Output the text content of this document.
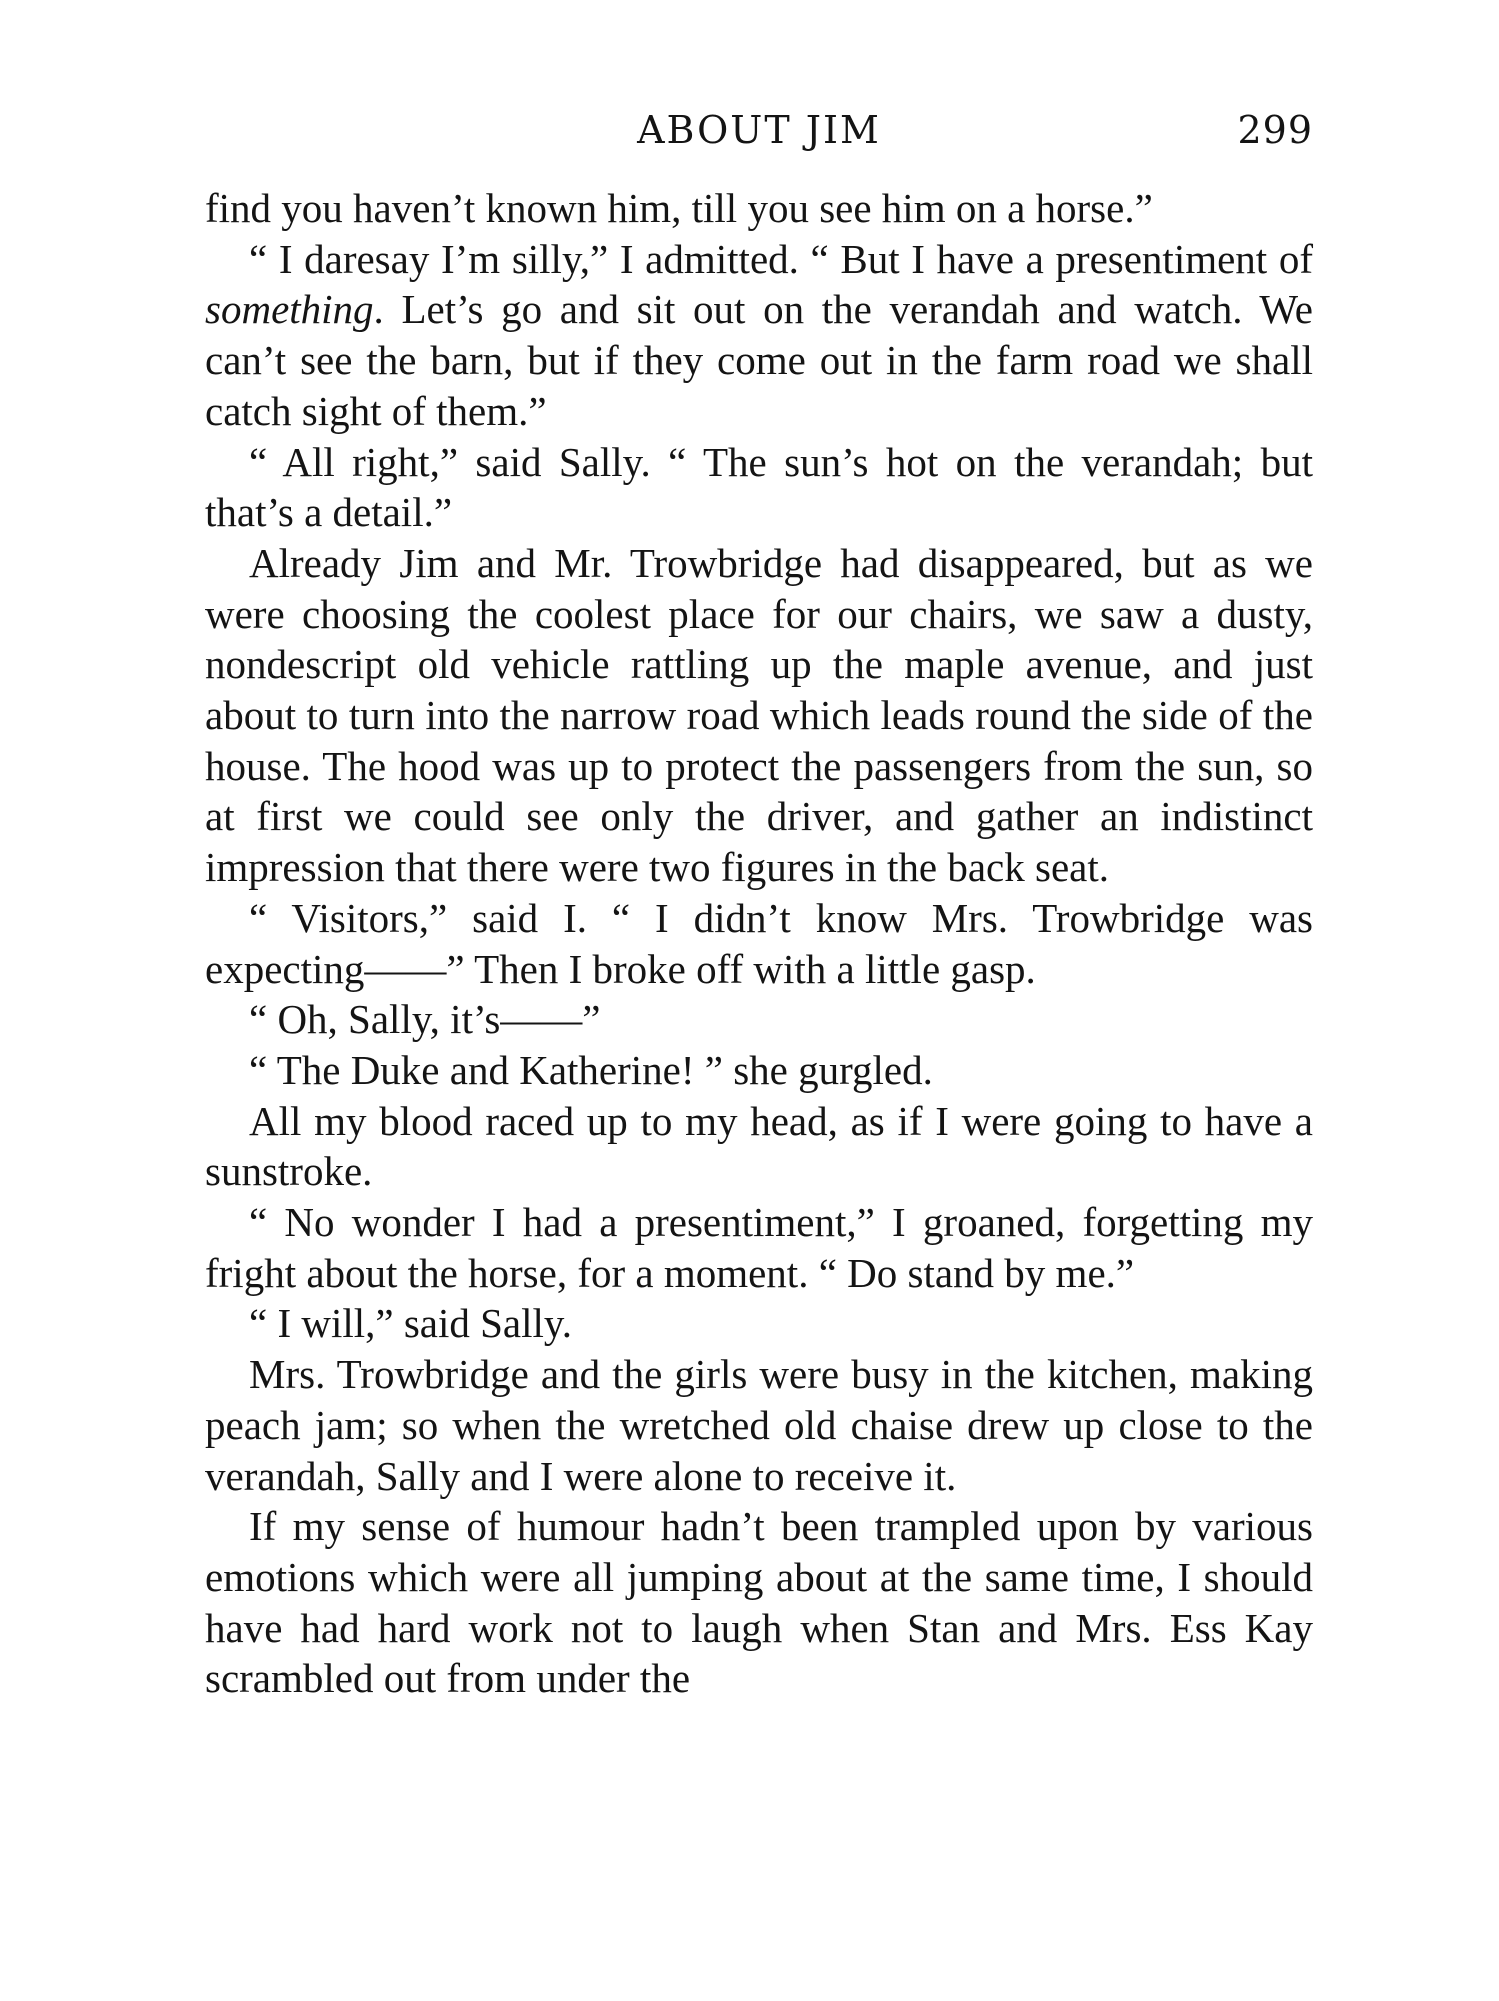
ABOUT JIM	299

find you haven’t known him, till you see him on a horse.”

“ I daresay I’m silly,” I admitted. “ But I have a presentiment of something. Let’s go and sit out on the verandah and watch. We can’t see the barn, but if they come out in the farm road we shall catch sight of them.”

“ All right,” said Sally. “ The sun’s hot on the verandah; but that’s a detail.”

Already Jim and Mr. Trowbridge had disappeared, but as we were choosing the coolest place for our chairs, we saw a dusty, nondescript old vehicle rattling up the maple avenue, and just about to turn into the narrow road which leads round the side of the house. The hood was up to protect the passengers from the sun, so at first we could see only the driver, and gather an indistinct impression that there were two figures in the back seat.

“ Visitors,” said I. “ I didn’t know Mrs. Trowbridge was expecting——” Then I broke off with a little gasp.

“ Oh, Sally, it’s——”

“ The Duke and Katherine! ” she gurgled.

All my blood raced up to my head, as if I were going to have a sunstroke.

“ No wonder I had a presentiment,” I groaned, forgetting my fright about the horse, for a moment. “ Do stand by me.”

“ I will,” said Sally.

Mrs. Trowbridge and the girls were busy in the kitchen, making peach jam; so when the wretched old chaise drew up close to the verandah, Sally and I were alone to receive it.

If my sense of humour hadn’t been trampled upon by various emotions which were all jumping about at the same time, I should have had hard work not to laugh when Stan and Mrs. Ess Kay scrambled out from under the
